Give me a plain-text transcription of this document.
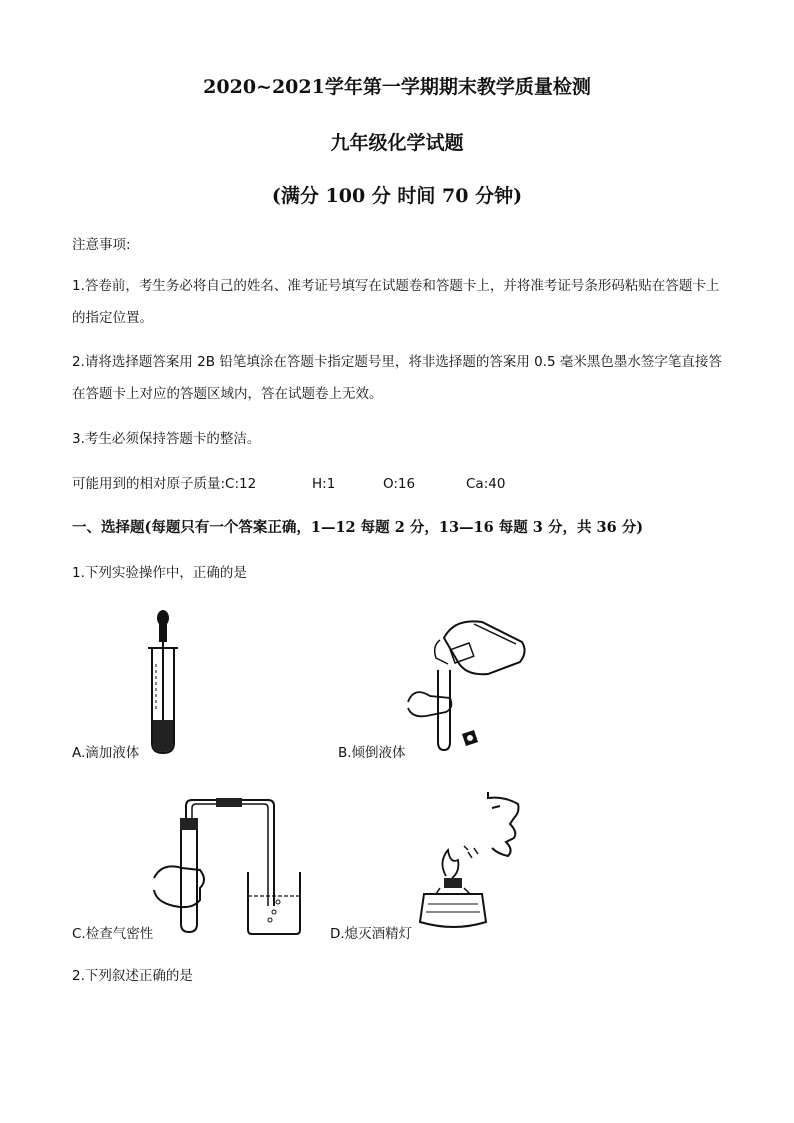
2020~2021学年第一学期期末教学质量检测
九年级化学试题
(满分 100 分 时间 70 分钟)
注意事项:
1.答卷前，考生务必将自己的姓名、准考证号填写在试题卷和答题卡上，并将准考证号条形码粘贴在答题卡上的指定位置。
2.请将选择题答案用 2B 铅笔填涂在答题卡指定题号里，将非选择题的答案用 0.5 毫米黑色墨水签字笔直接答在答题卡上对应的答题区域内，答在试题卷上无效。
3.考生必须保持答题卡的整洁。
可能用到的相对原子质量:C:12	H:1	O:16	Ca:40
一、选择题(每题只有一个答案正确，1—12 每题 2 分，13—16 每题 3 分，共 36 分)
1.下列实验操作中，正确的是
A.滴加液体	B.倾倒液体
C.检查气密性	D.熄灭酒精灯
2.下列叙述正确的是
